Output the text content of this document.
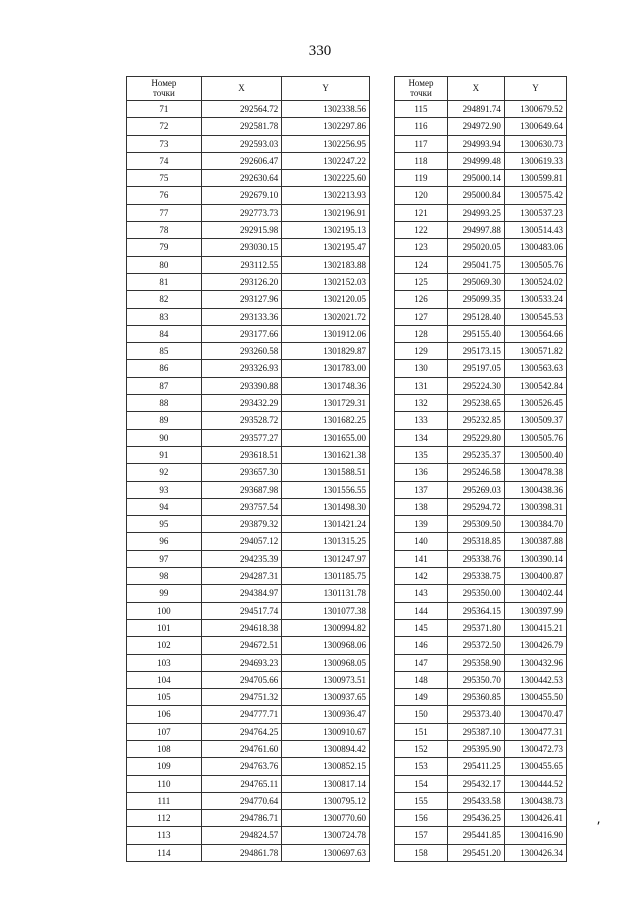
330
Номер
точки	X	Y
71	292564.72	1302338.56
72	292581.78	1302297.86
73	292593.03	1302256.95
74	292606.47	1302247.22
75	292630.64	1302225.60
76	292679.10	1302213.93
77	292773.73	1302196.91
78	292915.98	1302195.13
79	293030.15	1302195.47
80	293112.55	1302183.88
81	293126.20	1302152.03
82	293127.96	1302120.05
83	293133.36	1302021.72
84	293177.66	1301912.06
85	293260.58	1301829.87
86	293326.93	1301783.00
87	293390.88	1301748.36
88	293432.29	1301729.31
89	293528.72	1301682.25
90	293577.27	1301655.00
91	293618.51	1301621.38
92	293657.30	1301588.51
93	293687.98	1301556.55
94	293757.54	1301498.30
95	293879.32	1301421.24
96	294057.12	1301315.25
97	294235.39	1301247.97
98	294287.31	1301185.75
99	294384.97	1301131.78
100	294517.74	1301077.38
101	294618.38	1300994.82
102	294672.51	1300968.06
103	294693.23	1300968.05
104	294705.66	1300973.51
105	294751.32	1300937.65
106	294777.71	1300936.47
107	294764.25	1300910.67
108	294761.60	1300894.42
109	294763.76	1300852.15
110	294765.11	1300817.14
111	294770.64	1300795.12
112	294786.71	1300770.60
113	294824.57	1300724.78
114	294861.78	1300697.63
Номер
точки	X	Y
115	294891.74	1300679.52
116	294972.90	1300649.64
117	294993.94	1300630.73
118	294999.48	1300619.33
119	295000.14	1300599.81
120	295000.84	1300575.42
121	294993.25	1300537.23
122	294997.88	1300514.43
123	295020.05	1300483.06
124	295041.75	1300505.76
125	295069.30	1300524.02
126	295099.35	1300533.24
127	295128.40	1300545.53
128	295155.40	1300564.66
129	295173.15	1300571.82
130	295197.05	1300563.63
131	295224.30	1300542.84
132	295238.65	1300526.45
133	295232.85	1300509.37
134	295229.80	1300505.76
135	295235.37	1300500.40
136	295246.58	1300478.38
137	295269.03	1300438.36
138	295294.72	1300398.31
139	295309.50	1300384.70
140	295318.85	1300387.88
141	295338.76	1300390.14
142	295338.75	1300400.87
143	295350.00	1300402.44
144	295364.15	1300397.99
145	295371.80	1300415.21
146	295372.50	1300426.79
147	295358.90	1300432.96
148	295350.70	1300442.53
149	295360.85	1300455.50
150	295373.40	1300470.47
151	295387.10	1300477.31
152	295395.90	1300472.73
153	295411.25	1300455.65
154	295432.17	1300444.52
155	295433.58	1300438.73
156	295436.25	1300426.41
157	295441.85	1300416.90
158	295451.20	1300426.34
⸴
